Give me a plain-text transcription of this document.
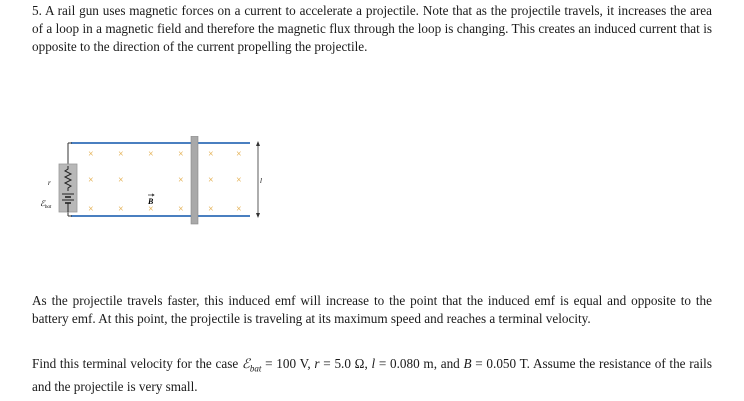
5. A rail gun uses magnetic forces on a current to accelerate a projectile. Note that as the projectile travels, it increases the area of a loop in a magnetic field and therefore the magnetic flux through the loop is changing. This creates an induced current that is opposite to the direction of the current propelling the projectile.

r
ℰ$_{bat}$
B
× × × × × ×
× ×	× × ×
× × × × × ×
l

As the projectile travels faster, this induced emf will increase to the point that the induced emf is equal and opposite to the battery emf. At this point, the projectile is traveling at its maximum speed and reaches a terminal velocity.

Find this terminal velocity for the case ℰ$_{bat}$ = 100 V, r = 5.0 Ω, l = 0.080 m, and B = 0.050 T. Assume the resistance of the rails and the projectile is very small.
